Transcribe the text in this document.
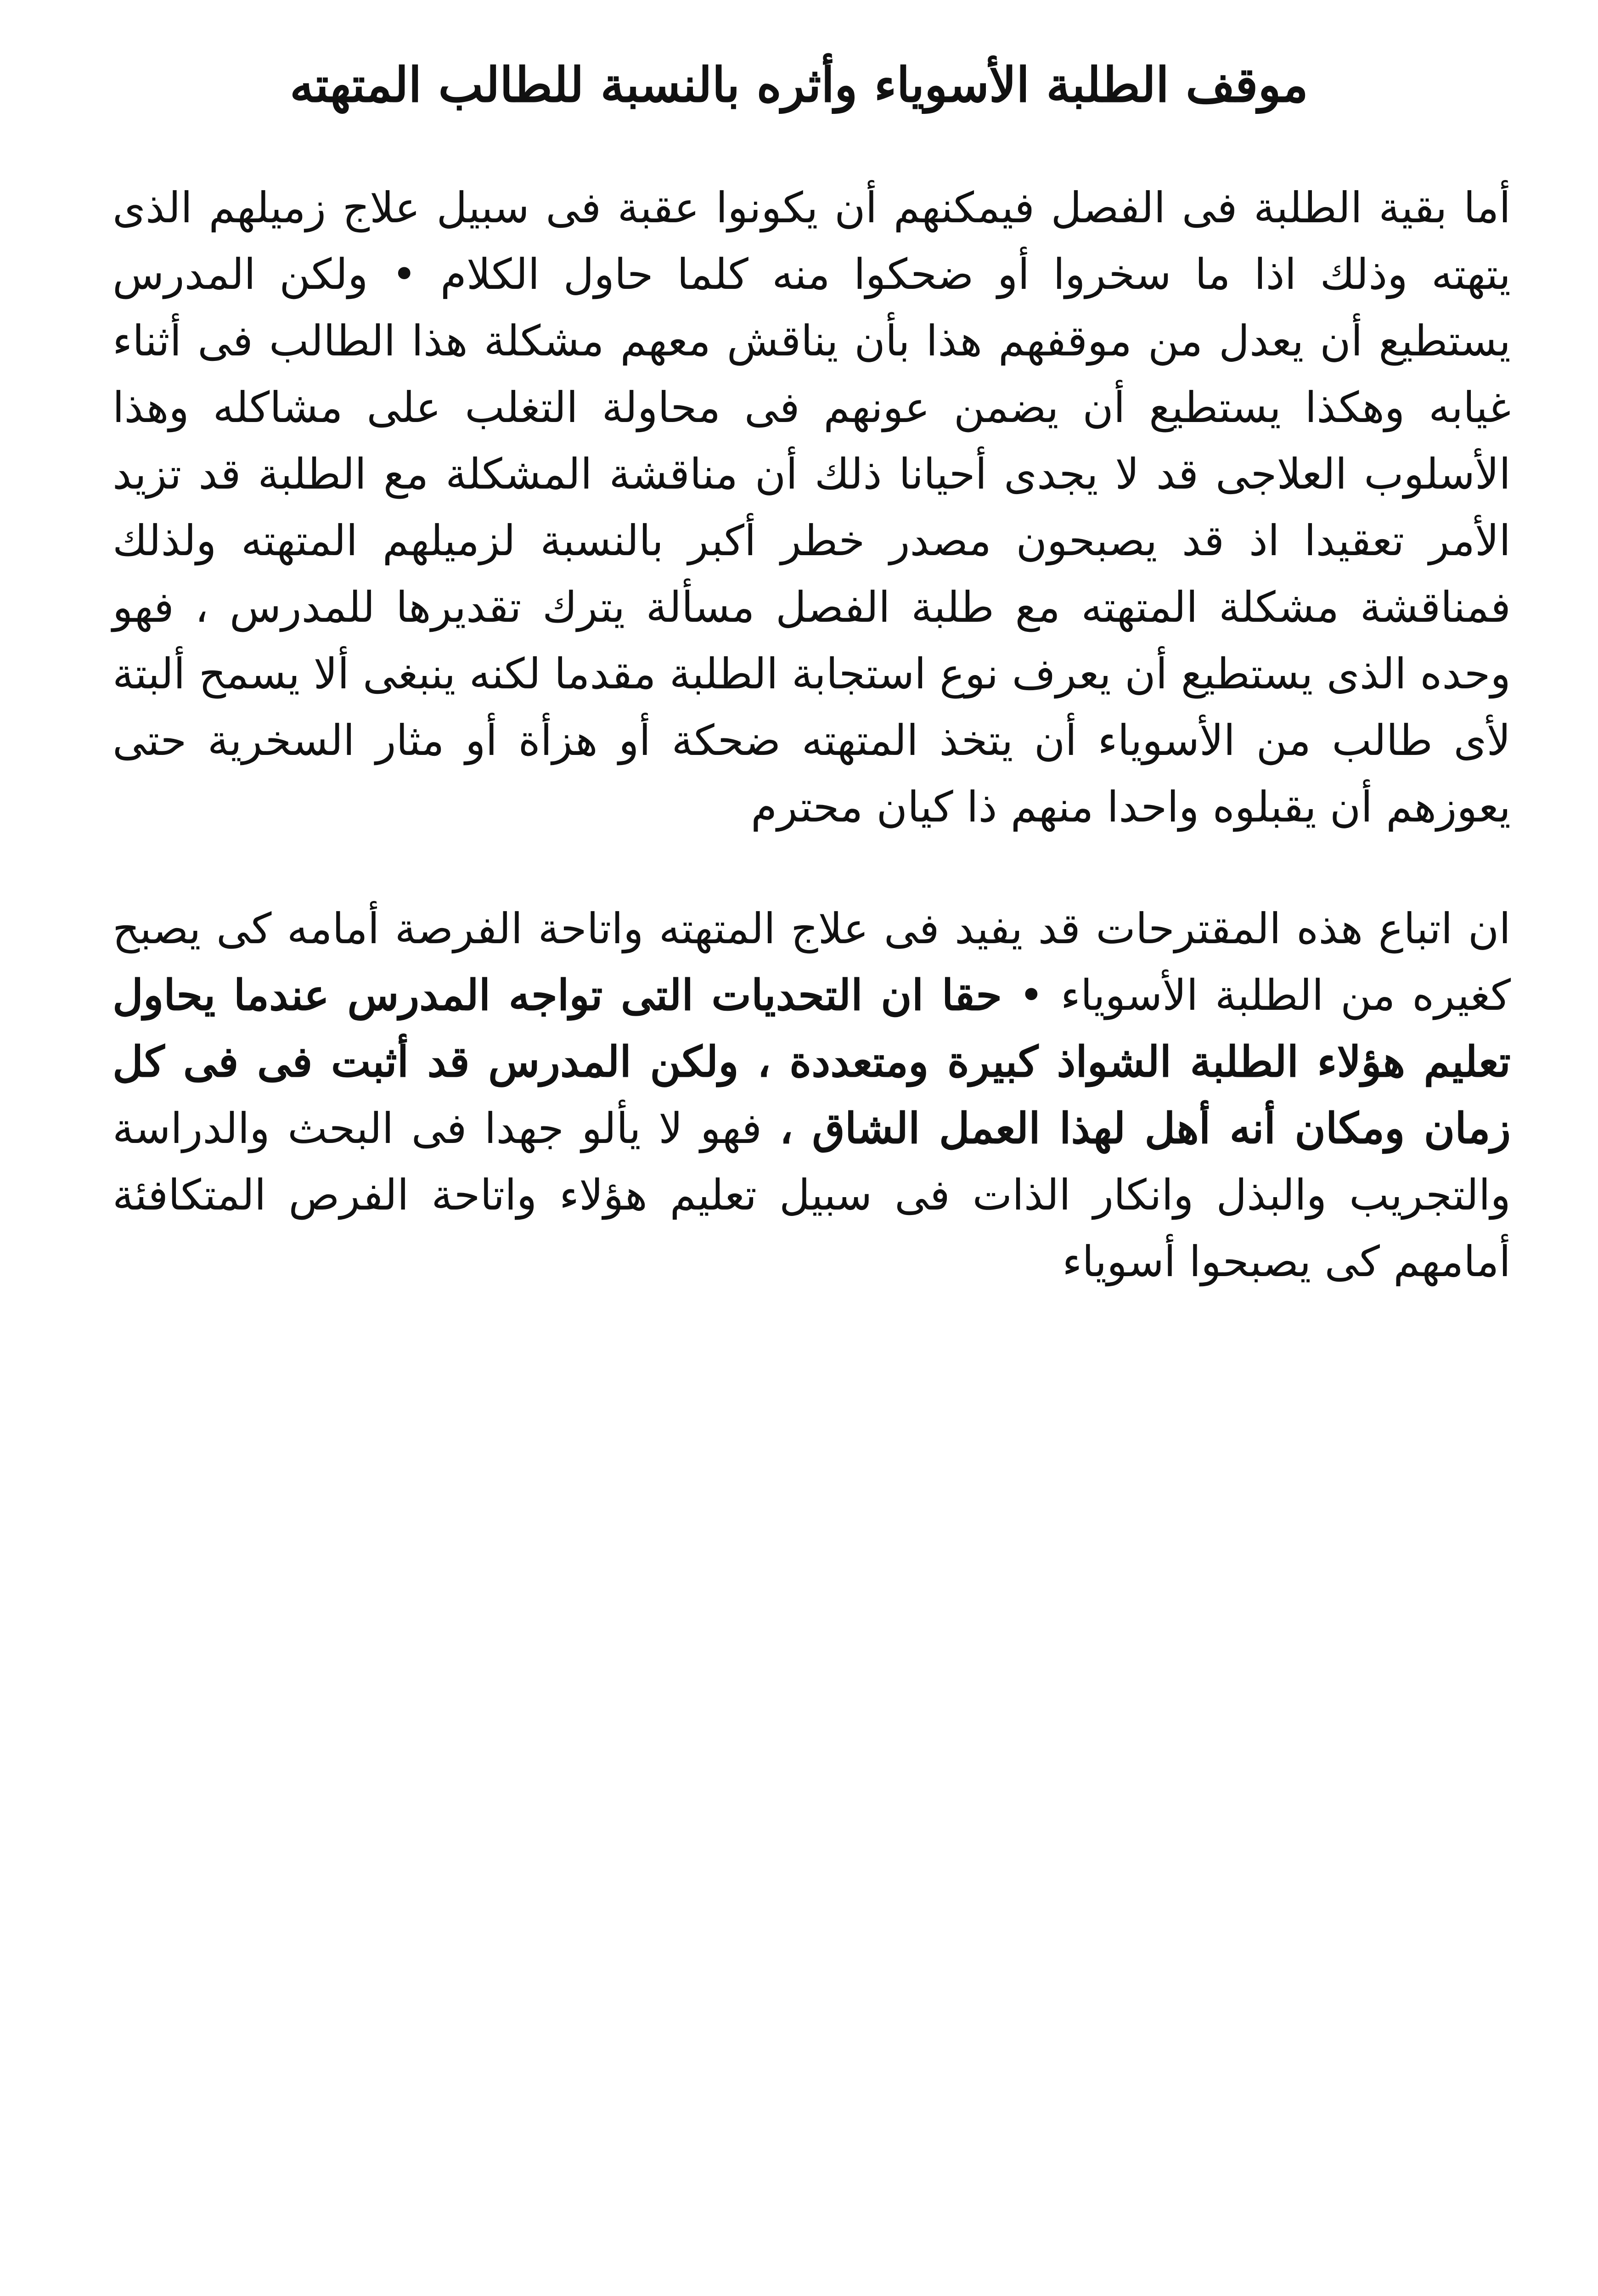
موقف الطلبة الأسوياء وأثره بالنسبة للطالب المتهته

أما بقية الطلبة فى الفصل فيمكنهم أن يكونوا عقبة فى سبيل علاج زميلهم الذى يتهته وذلك اذا ما سخروا أو ضحكوا منه كلما حاول الكلام • ولكن المدرس يستطيع أن يعدل من موقفهم هذا بأن يناقش معهم مشكلة هذا الطالب فى أثناء غيابه وهكذا يستطيع أن يضمن عونهم فى محاولة التغلب على مشاكله وهذا الأسلوب العلاجى قد لا يجدى أحيانا ذلك أن مناقشة المشكلة مع الطلبة قد تزيد الأمر تعقيدا اذ قد يصبحون مصدر خطر أكبر بالنسبة لزميلهم المتهته ولذلك فمناقشة مشكلة المتهته مع طلبة الفصل مسألة يترك تقديرها للمدرس ، فهو وحده الذى يستطيع أن يعرف نوع استجابة الطلبة مقدما لكنه ينبغى ألا يسمح ألبتة لأى طالب من الأسوياء أن يتخذ المتهته ضحكة أو هزأة أو مثار السخرية حتى يعوزهم أن يقبلوه واحدا منهم ذا كيان محترم

ان اتباع هذه المقترحات قد يفيد فى علاج المتهته واتاحة الفرصة أمامه كى يصبح كغيره من الطلبة الأسوياء • حقا ان التحديات التى تواجه المدرس عندما يحاول تعليم هؤلاء الطلبة الشواذ كبيرة ومتعددة ، ولكن المدرس قد أثبت فى فى كل زمان ومكان أنه أهل لهذا العمل الشاق ، فهو لا يألو جهدا فى البحث والدراسة والتجريب والبذل وانكار الذات فى سبيل تعليم هؤلاء واتاحة الفرص المتكافئة أمامهم كى يصبحوا أسوياء
